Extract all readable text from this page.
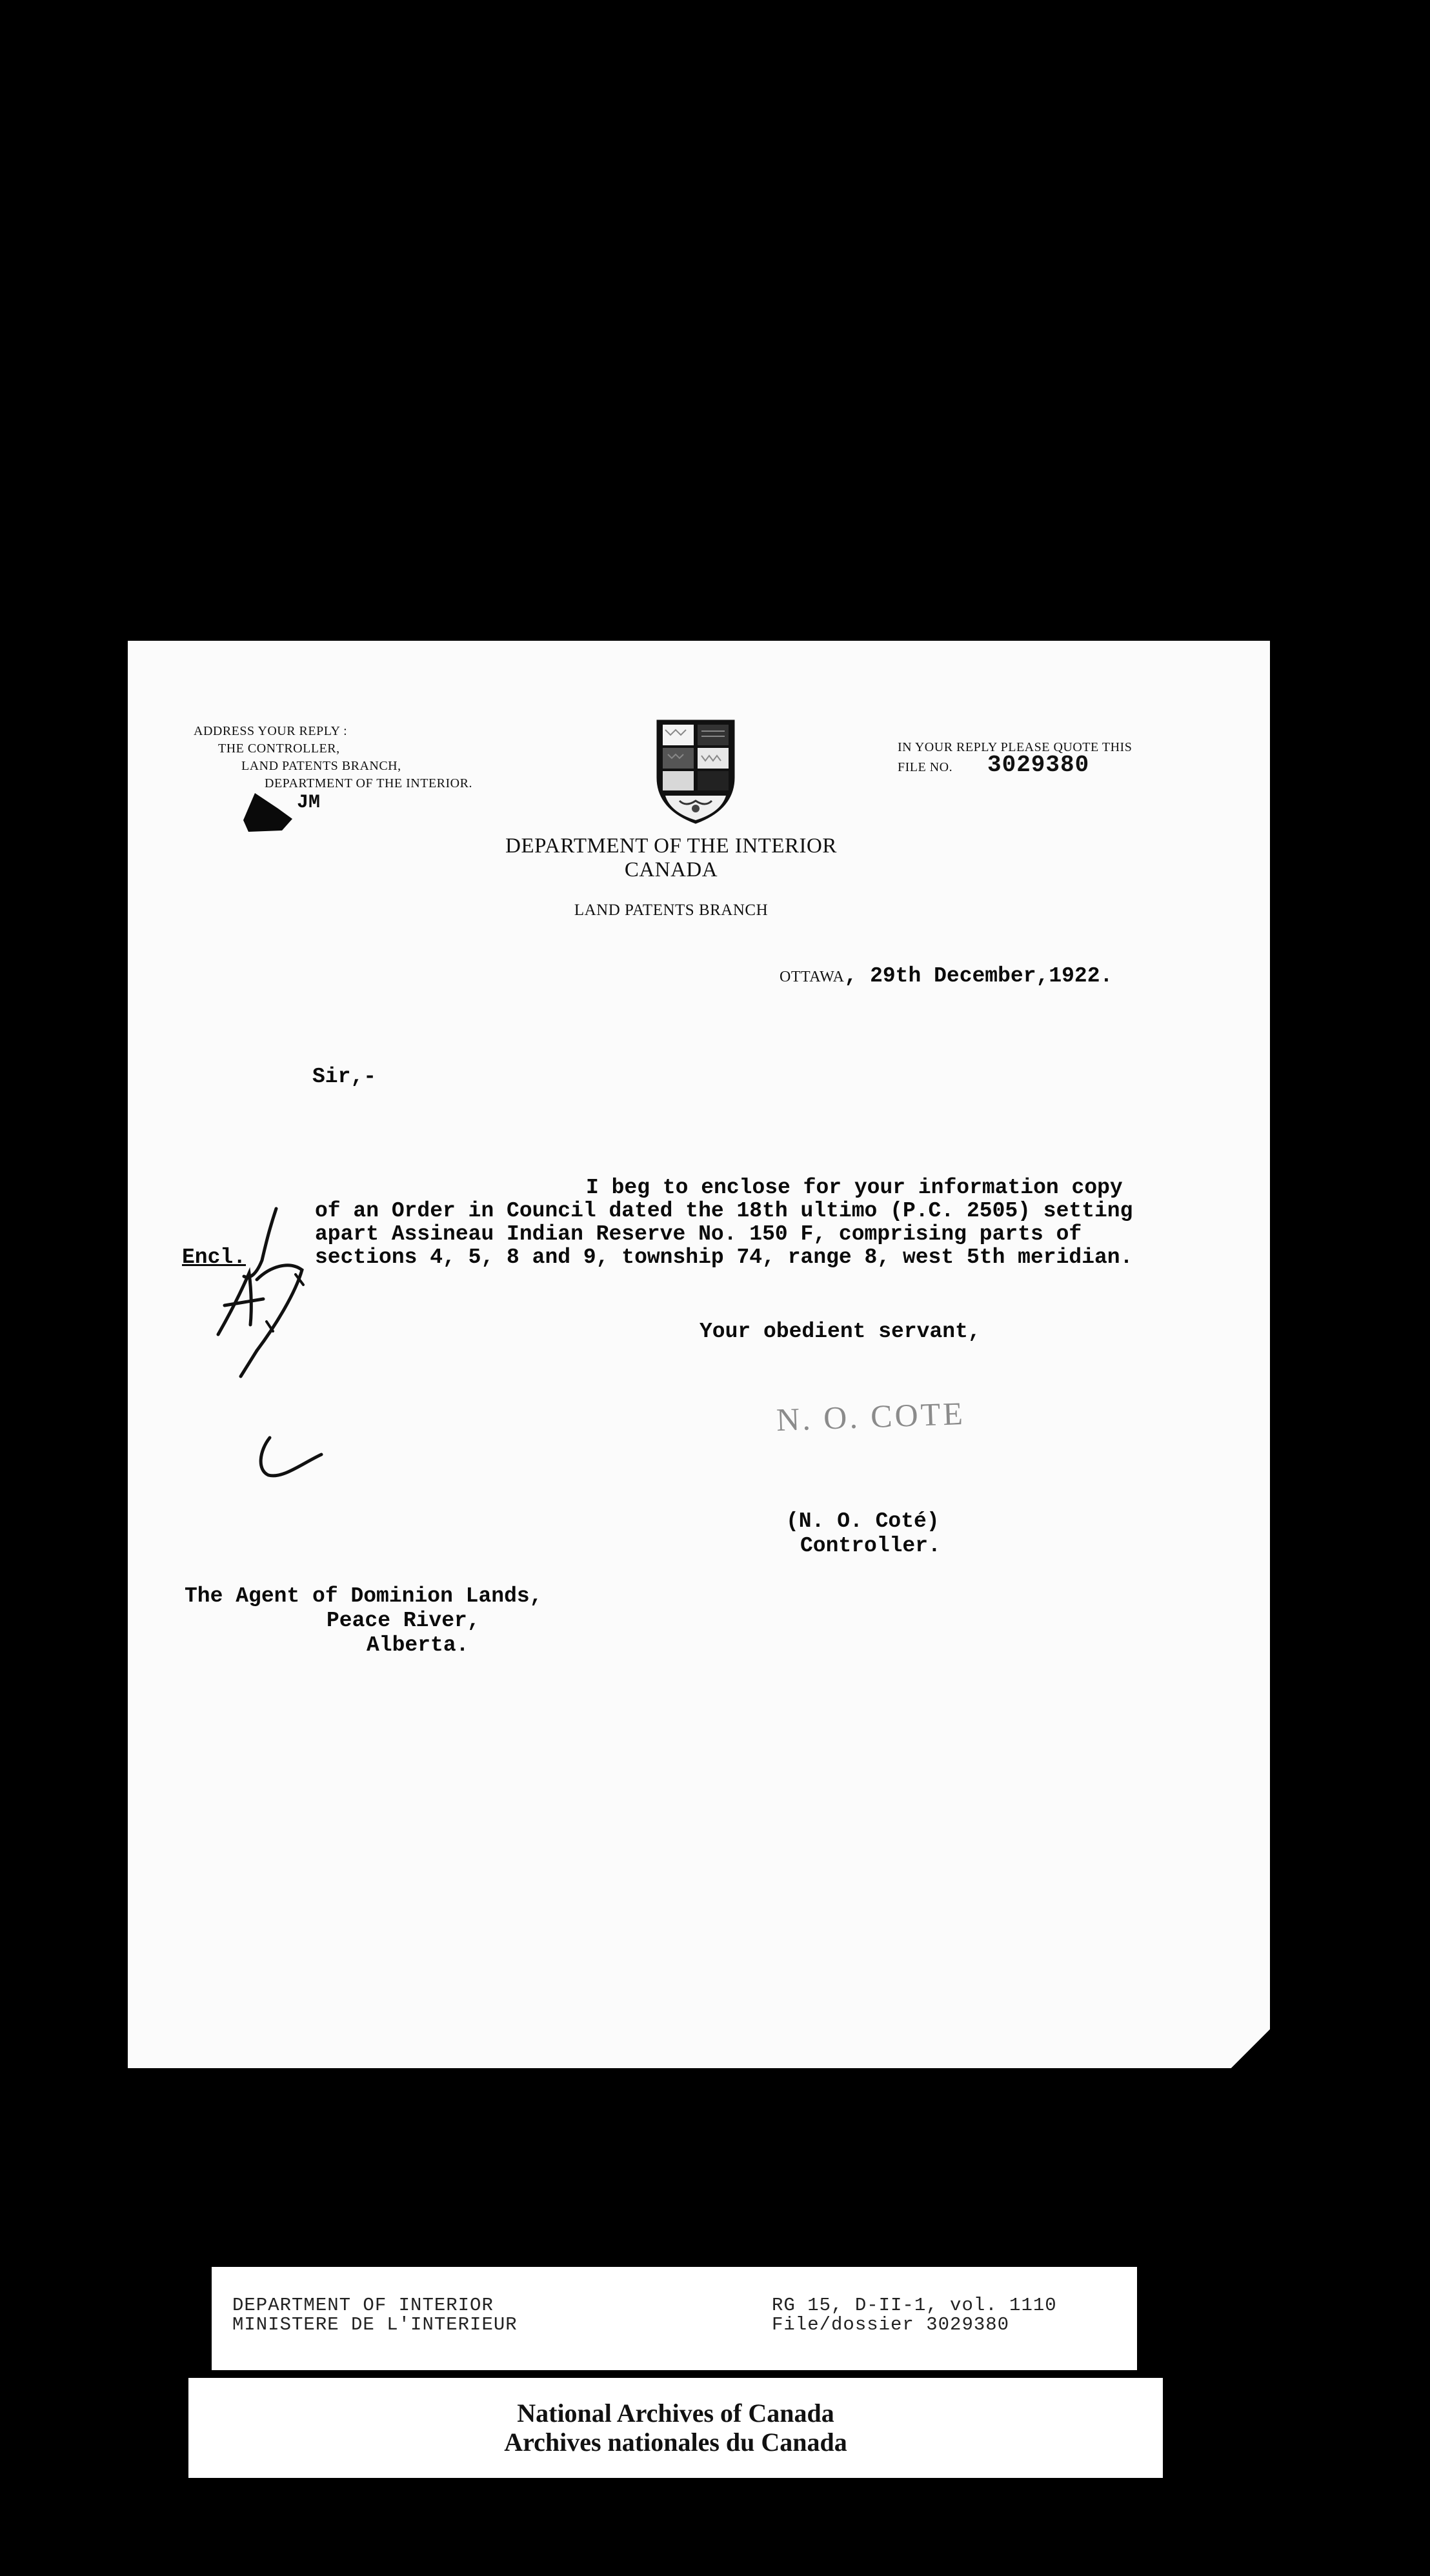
ADDRESS YOUR REPLY :
THE CONTROLLER,
LAND PATENTS BRANCH,
DEPARTMENT OF THE INTERIOR.
JM
IN YOUR REPLY PLEASE QUOTE THIS
FILE NO. 3029380
DEPARTMENT OF THE INTERIOR
CANADA
LAND PATENTS BRANCH
OTTAWA, 29th December,1922.
Sir,-
I beg to enclose for your information copy
of an Order in Council dated the 18th ultimo (P.C. 2505) setting
apart Assineau Indian Reserve No. 150 F, comprising parts of
sections 4, 5, 8 and 9, township 74, range 8, west 5th meridian.
Encl.
Your obedient servant,
N. O. COTE
(N. O. Coté)
Controller.
The Agent of Dominion Lands,
Peace River,
Alberta.
DEPARTMENT OF INTERIOR
MINISTERE DE L'INTERIEUR
RG 15, D-II-1, vol. 1110
File/dossier 3029380
National Archives of Canada
Archives nationales du Canada
